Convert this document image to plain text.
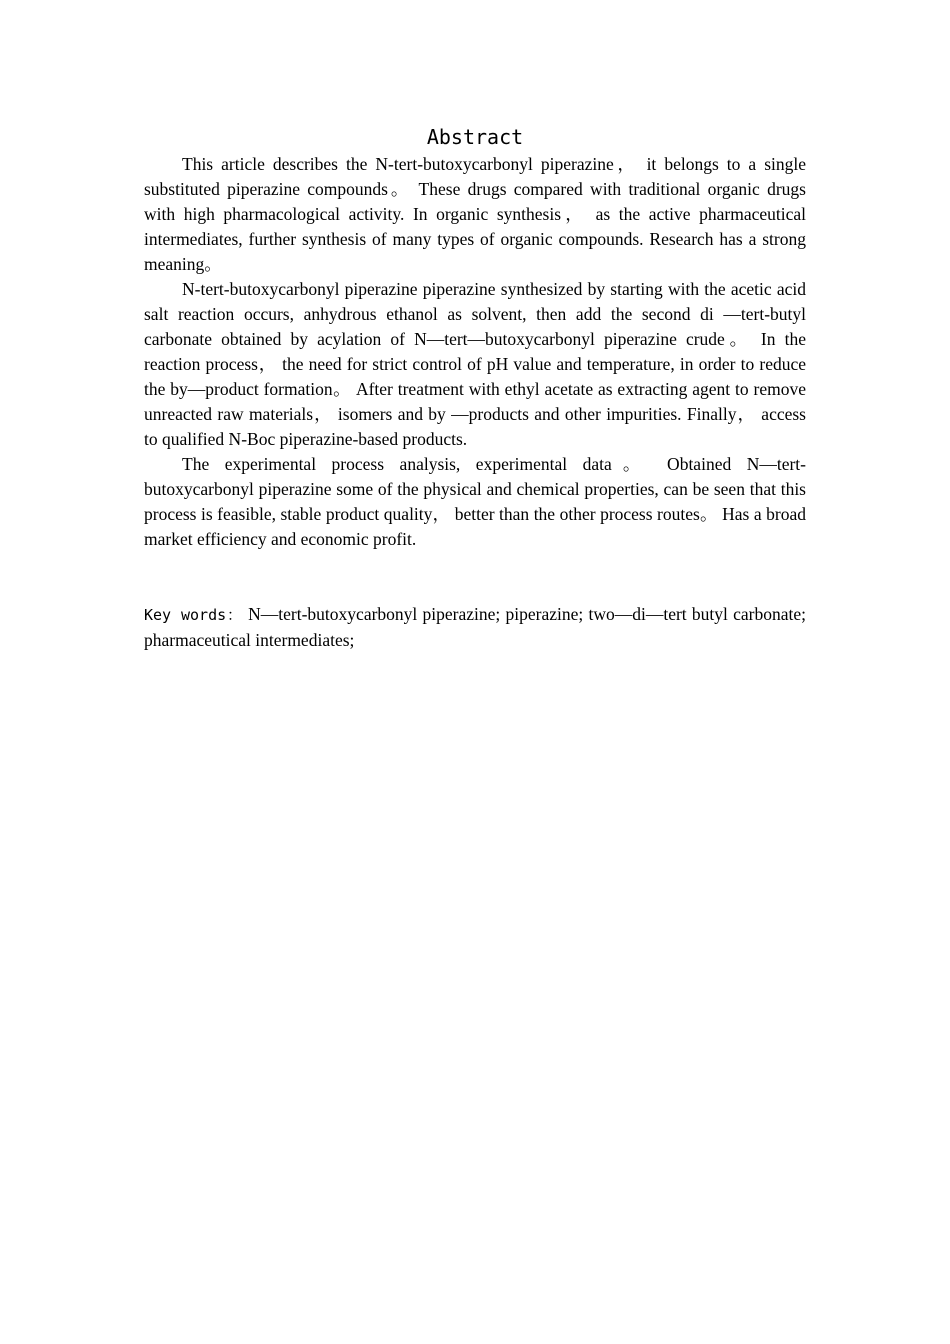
Abstract

This article describes the N-tert-butoxycarbonyl piperazine， it belongs to a single substituted piperazine compounds。 These drugs compared with traditional organic drugs with high pharmacological activity. In organic synthesis， as the active pharmaceutical intermediates, further synthesis of many types of organic compounds. Research has a strong meaning。

N-tert-butoxycarbonyl piperazine piperazine synthesized by starting with the acetic acid salt reaction occurs, anhydrous ethanol as solvent, then add the second di —tert-butyl carbonate obtained by acylation of N—tert—butoxycarbonyl piperazine crude。 In the reaction process， the need for strict control of pH value and temperature, in order to reduce the by—product formation。 After treatment with ethyl acetate as extracting agent to remove unreacted raw materials， isomers and by —products and other impurities. Finally， access to qualified N-Boc piperazine-based products.

The experimental process analysis, experimental data。 Obtained N—tert-butoxycarbonyl piperazine some of the physical and chemical properties, can be seen that this process is feasible, stable product quality， better than the other process routes。 Has a broad market efficiency and economic profit.

Key words： N—tert-butoxycarbonyl piperazine; piperazine; two—di—tert butyl carbonate; pharmaceutical intermediates;
